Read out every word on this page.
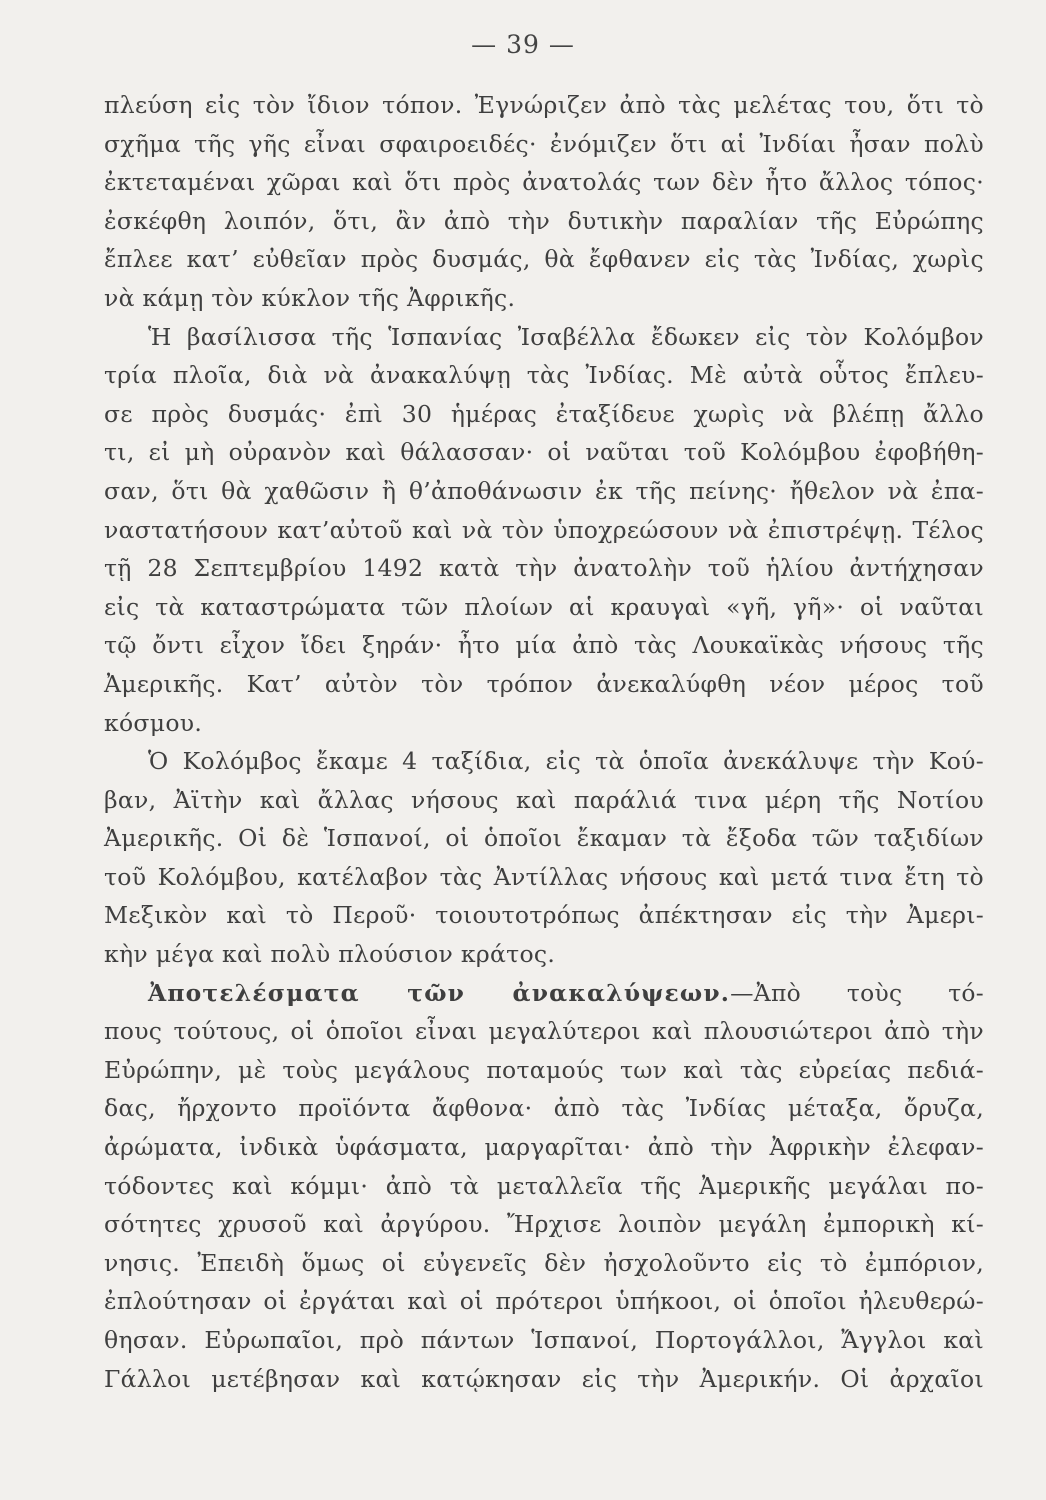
— 39 —
πλεύση εἰς τὸν ἴδιον τόπον. Ἐγνώριζεν ἀπὸ τὰς μελέτας του, ὅτι τὸ
σχῆμα τῆς γῆς εἶναι σφαιροειδές· ἐνόμιζεν ὅτι αἱ Ἰνδίαι ἦσαν πολὺ
ἐκτεταμέναι χῶραι καὶ ὅτι πρὸς ἀνατολάς των δὲν ἦτο ἄλλος τόπος·
ἐσκέφθη λοιπόν, ὅτι, ἂν ἀπὸ τὴν δυτικὴν παραλίαν τῆς Εὐρώπης
ἔπλεε κατ’ εὐθεῖαν πρὸς δυσμάς, θὰ ἔφθανεν εἰς τὰς Ἰνδίας, χωρὶς
νὰ κάμῃ τὸν κύκλον τῆς Ἀφρικῆς.
Ἡ βασίλισσα τῆς Ἱσπανίας Ἰσαβέλλα ἔδωκεν εἰς τὸν Κολόμβον
τρία πλοῖα, διὰ νὰ ἀνακαλύψῃ τὰς Ἰνδίας. Μὲ αὐτὰ οὗτος ἔπλευ-
σε πρὸς δυσμάς· ἐπὶ 30 ἡμέρας ἐταξίδευε χωρὶς νὰ βλέπῃ ἄλλο
τι, εἰ μὴ οὐρανὸν καὶ θάλασσαν· οἱ ναῦται τοῦ Κολόμβου ἐφοβήθη-
σαν, ὅτι θὰ χαθῶσιν ἢ θ’ἀποθάνωσιν ἐκ τῆς πείνης· ἤθελον νὰ ἐπα-
ναστατήσουν κατ’αὐτοῦ καὶ νὰ τὸν ὑποχρεώσουν νὰ ἐπιστρέψῃ. Τέλος
τῇ 28 Σεπτεμβρίου 1492 κατὰ τὴν ἀνατολὴν τοῦ ἡλίου ἀντήχησαν
εἰς τὰ καταστρώματα τῶν πλοίων αἱ κραυγαὶ «γῆ, γῆ»· οἱ ναῦται
τῷ ὄντι εἶχον ἴδει ξηράν· ἦτο μία ἀπὸ τὰς Λουκαϊκὰς νήσους τῆς
Ἀμερικῆς. Κατ’ αὐτὸν τὸν τρόπον ἀνεκαλύφθη νέον μέρος τοῦ
κόσμου.
Ὁ Κολόμβος ἔκαμε 4 ταξίδια, εἰς τὰ ὁποῖα ἀνεκάλυψε τὴν Κού-
βαν, Ἀϊτὴν καὶ ἄλλας νήσους καὶ παράλιά τινα μέρη τῆς Νοτίου
Ἀμερικῆς. Οἱ δὲ Ἱσπανοί, οἱ ὁποῖοι ἔκαμαν τὰ ἔξοδα τῶν ταξιδίων
τοῦ Κολόμβου, κατέλαβον τὰς Ἀντίλλας νήσους καὶ μετά τινα ἔτη τὸ
Μεξικὸν καὶ τὸ Περοῦ· τοιουτοτρόπως ἀπέκτησαν εἰς τὴν Ἀμερι-
κὴν μέγα καὶ πολὺ πλούσιον κράτος.
Ἀποτελέσματα τῶν ἀνακαλύψεων.—Ἀπὸ τοὺς τό-
πους τούτους, οἱ ὁποῖοι εἶναι μεγαλύτεροι καὶ πλουσιώτεροι ἀπὸ τὴν
Εὐρώπην, μὲ τοὺς μεγάλους ποταμούς των καὶ τὰς εὐρείας πεδιά-
δας, ἤρχοντο προϊόντα ἄφθονα· ἀπὸ τὰς Ἰνδίας μέταξα, ὄρυζα,
ἀρώματα, ἰνδικὰ ὑφάσματα, μαργαρῖται· ἀπὸ τὴν Ἀφρικὴν ἐλεφαν-
τόδοντες καὶ κόμμι· ἀπὸ τὰ μεταλλεῖα τῆς Ἀμερικῆς μεγάλαι πο-
σότητες χρυσοῦ καὶ ἀργύρου. Ἤρχισε λοιπὸν μεγάλη ἐμπορικὴ κί-
νησις. Ἐπειδὴ ὅμως οἱ εὐγενεῖς δὲν ἠσχολοῦντο εἰς τὸ ἐμπόριον,
ἐπλούτησαν οἱ ἐργάται καὶ οἱ πρότεροι ὑπήκοοι, οἱ ὁποῖοι ἠλευθερώ-
θησαν. Εὐρωπαῖοι, πρὸ πάντων Ἱσπανοί, Πορτογάλλοι, Ἄγγλοι καὶ
Γάλλοι μετέβησαν καὶ κατῴκησαν εἰς τὴν Ἀμερικήν. Οἱ ἀρχαῖοι
